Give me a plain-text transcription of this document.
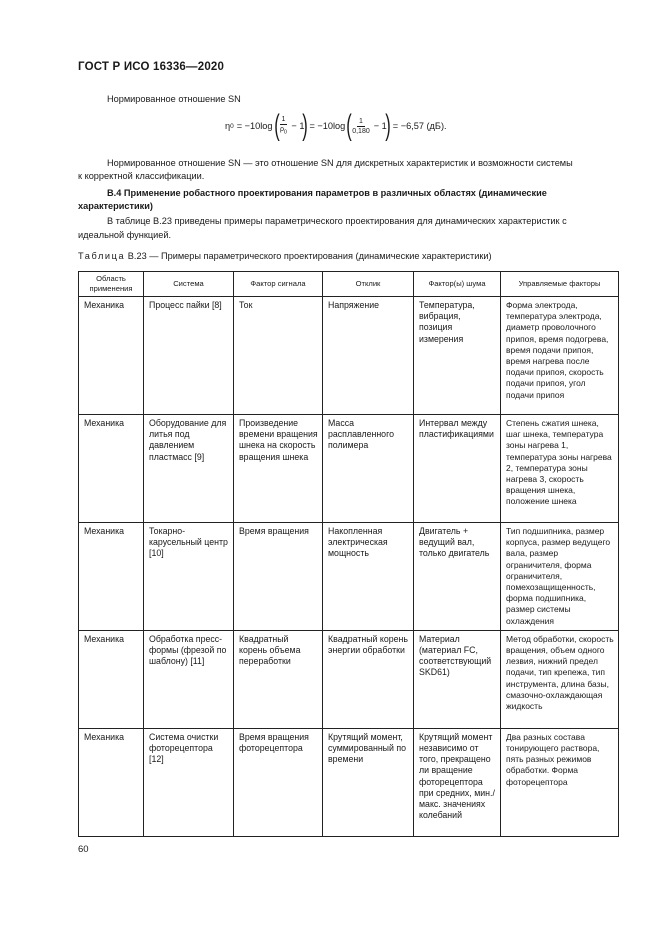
ГОСТ Р ИСО 16336—2020
Нормированное отношение SN
η 0 = −10log ( $\frac{1}{\rho_0} - 1$
) = −10log ( $\frac{1}{0,180} - 1$
) = −6,57 (дБ).
Нормированное отношение SN — это отношение SN для дискретных характеристик и возможности системы
к корректной классификации.
B.4 Применение робастного проектирования параметров в различных областях (динамические
характеристики)
В таблице В.23 приведены примеры параметрического проектирования для динамических характеристик с
идеальной функцией.
Таблица В.23 — Примеры параметрического проектирования (динамические характеристики)
Область применения	Система	Фактор сигнала	Отклик	Фактор(ы) шума	Управляемые факторы
Механика	Процесс пайки [8]	Ток	Напряжение	Температура, вибрация, позиция измерения	Форма электрода, температура электрода, диаметр проволочного припоя, время подогрева, время подачи припоя, время нагрева после подачи припоя, скорость подачи припоя, угол подачи припоя
Механика	Оборудование для литья под давлением пластмасс [9]	Произведение времени вращения шнека на скорость вращения шнека	Масса расплавленного полимера	Интервал между пластификациями	Степень сжатия шнека, шаг шнека, температура зоны нагрева 1, температура зоны нагрева 2, температура зоны нагрева 3, скорость вращения шнека, положение шнека
Механика	Токарно-карусельный центр [10]	Время вращения	Накопленная электрическая мощность	Двигатель + ведущий вал, только двигатель	Тип подшипника, размер корпуса, размер ведущего вала, размер ограничителя, форма ограничителя, помехозащищенность, форма подшипника, размер системы охлаждения
Механика	Обработка пресс-формы (фрезой по шаблону) [11]	Квадратный корень объема переработки	Квадратный корень энергии обработки	Материал (материал FC, соответствующий SKD61)	Метод обработки, скорость вращения, объем одного лезвия, нижний предел подачи, тип крепежа, тип инструмента, длина базы, смазочно-охлаждающая жидкость
Механика	Система очистки фоторецептора [12]	Время вращения фоторецептора	Крутящий момент, суммированный по времени	Крутящий момент независимо от того, прекращено ли вращение фоторецептора при средних, мин./макс. значениях колебаний	Два разных состава тонирующего раствора, пять разных режимов обработки. Форма фоторецептора
60
